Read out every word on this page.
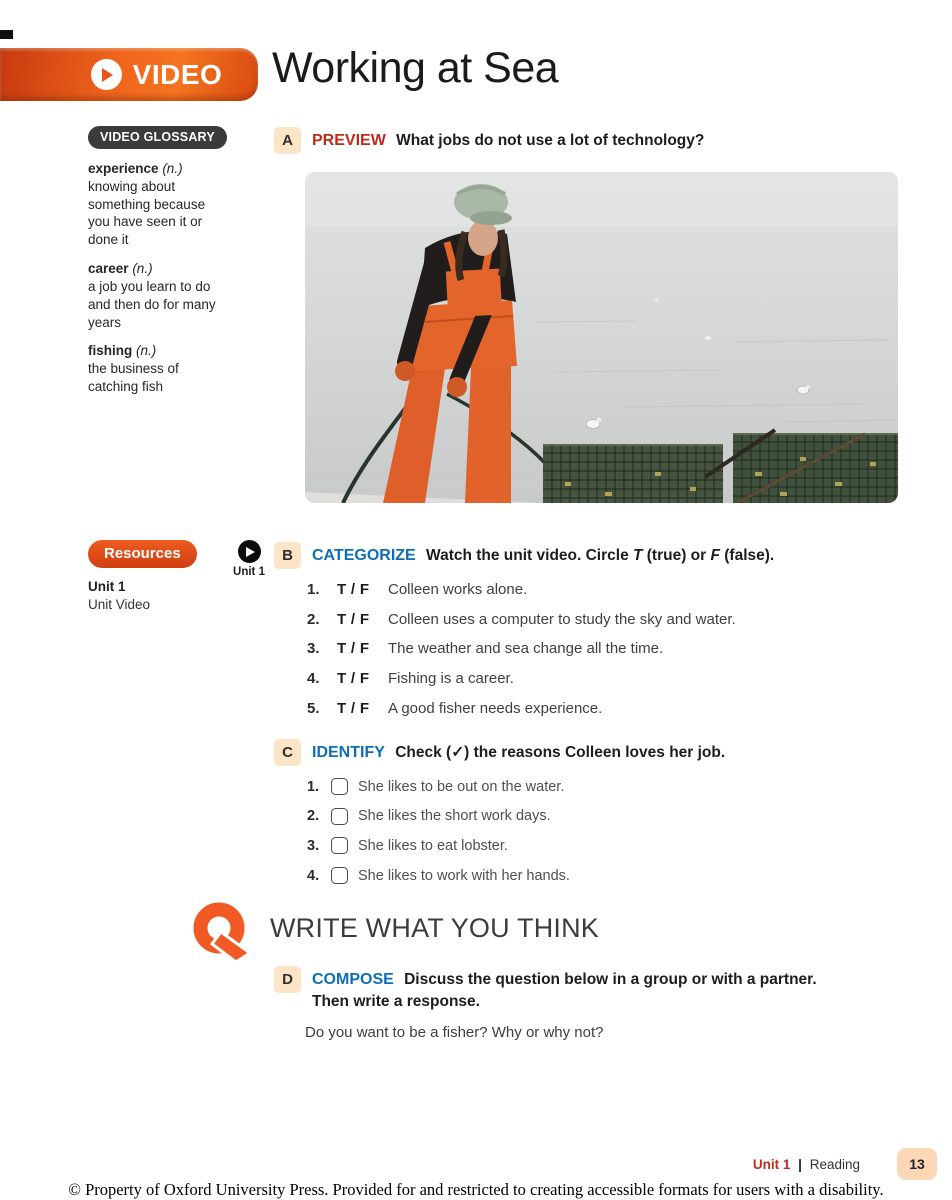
VIDEO Working at Sea
VIDEO GLOSSARY
experience (n.)
knowing about something because you have seen it or done it
career (n.)
a job you learn to do and then do for many years
fishing (n.)
the business of catching fish
A	PREVIEW What jobs do not use a lot of technology?
Resources
Unit 1
Unit Video
Unit 1
B	CATEGORIZE Watch the unit video. Circle T (true) or F (false).
1.	T / F	Colleen works alone.
2.	T / F	Colleen uses a computer to study the sky and water.
3.	T / F	The weather and sea change all the time.
4.	T / F	Fishing is a career.
5.	T / F	A good fisher needs experience.
C	IDENTIFY Check (✓) the reasons Colleen loves her job.
1.	She likes to be out on the water.
2.	She likes the short work days.
3.	She likes to eat lobster.
4.	She likes to work with her hands.
WRITE WHAT YOU THINK
D	COMPOSE Discuss the question below in a group or with a partner.
Then write a response.
Do you want to be a fisher? Why or why not?
Unit 1 | Reading	13
© Property of Oxford University Press. Provided for and restricted to creating accessible formats for users with a disability.
